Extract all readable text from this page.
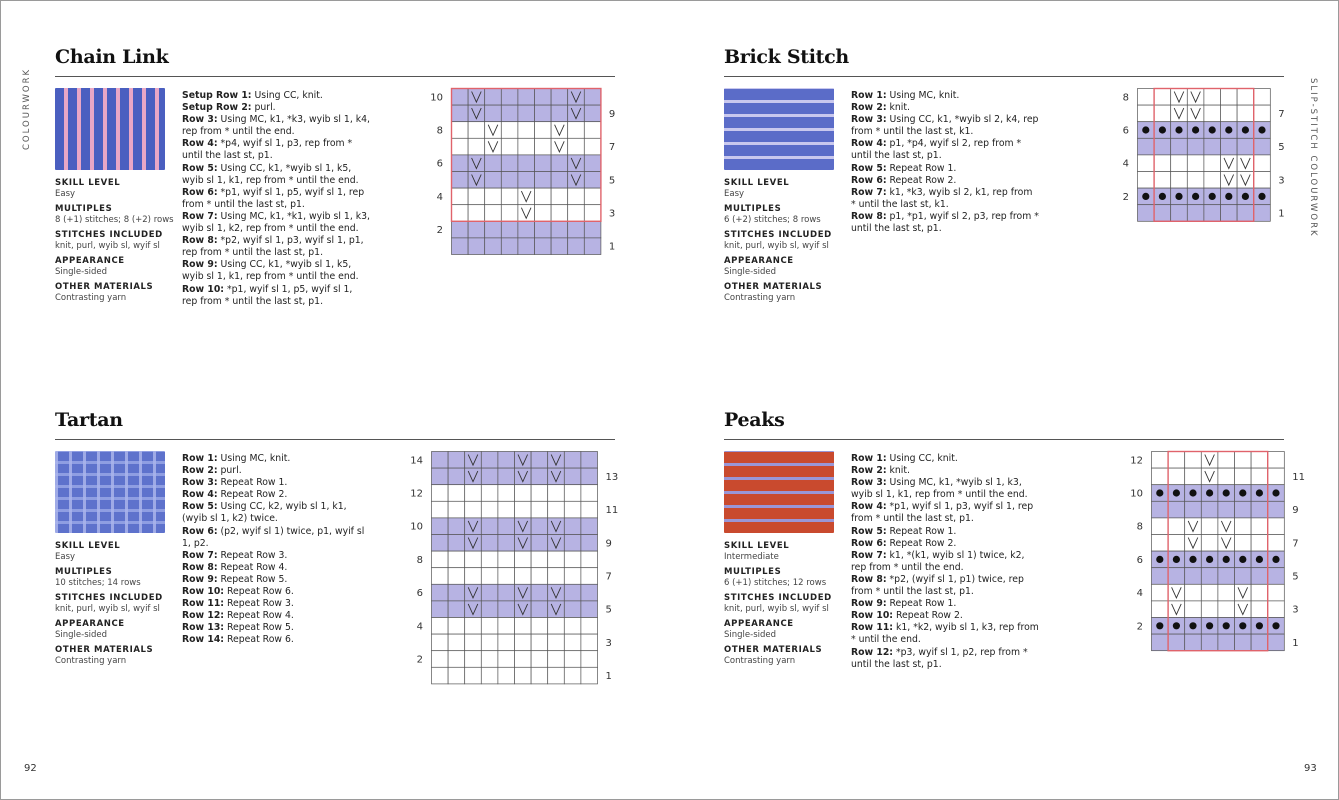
COLOURWORK	SLIP-STITCH COLOURWORK
92	93
Chain Link
SKILL LEVEL
Easy
MULTIPLES
8 (+1) stitches; 8 (+2) rows
STITCHES INCLUDED
knit, purl, wyib sl, wyif sl
APPEARANCE
Single-sided
OTHER MATERIALS
Contrasting yarn

Setup Row 1: Using CC, knit.
Setup Row 2: purl.
Row 3: Using MC, k1, *k3, wyib sl 1, k4, rep from * until the end.
Row 4: *p4, wyif sl 1, p3, rep from * until the last st, p1.
Row 5: Using CC, k1, *wyib sl 1, k5, wyib sl 1, k1, rep from * until the end.
Row 6: *p1, wyif sl 1, p5, wyif sl 1, rep from * until the last st, p1.
Row 7: Using MC, k1, *k1, wyib sl 1, k3, wyib sl 1, k2, rep from * until the end.
Row 8: *p2, wyif sl 1, p3, wyif sl 1, p1, rep from * until the last st, p1.
Row 9: Using CC, k1, *wyib sl 1, k5, wyib sl 1, k1, rep from * until the end.
Row 10: *p1, wyif sl 1, p5, wyif sl 1, rep from * until the last st, p1.

10
8
6
4
2
9
7
5
3
1
Brick Stitch
SKILL LEVEL
Easy
MULTIPLES
6 (+2) stitches; 8 rows
STITCHES INCLUDED
knit, purl, wyib sl, wyif sl
APPEARANCE
Single-sided
OTHER MATERIALS
Contrasting yarn

Row 1: Using MC, knit.
Row 2: knit.
Row 3: Using CC, k1, *wyib sl 2, k4, rep from * until the last st, k1.
Row 4: p1, *p4, wyif sl 2, rep from * until the last st, p1.
Row 5: Repeat Row 1.
Row 6: Repeat Row 2.
Row 7: k1, *k3, wyib sl 2, k1, rep from * until the last st, k1.
Row 8: p1, *p1, wyif sl 2, p3, rep from * until the last st, p1.

8
6
4
2
7
5
3
1
Tartan
SKILL LEVEL
Easy
MULTIPLES
10 stitches; 14 rows
STITCHES INCLUDED
knit, purl, wyib sl, wyif sl
APPEARANCE
Single-sided
OTHER MATERIALS
Contrasting yarn

Row 1: Using MC, knit.
Row 2: purl.
Row 3: Repeat Row 1.
Row 4: Repeat Row 2.
Row 5: Using CC, k2, wyib sl 1, k1, (wyib sl 1, k2) twice.
Row 6: (p2, wyif sl 1) twice, p1, wyif sl 1, p2.
Row 7: Repeat Row 3.
Row 8: Repeat Row 4.
Row 9: Repeat Row 5.
Row 10: Repeat Row 6.
Row 11: Repeat Row 3.
Row 12: Repeat Row 4.
Row 13: Repeat Row 5.
Row 14: Repeat Row 6.

14
12
10
8
6
4
2
13
11
9
7
5
3
1
Peaks
SKILL LEVEL
Intermediate
MULTIPLES
6 (+1) stitches; 12 rows
STITCHES INCLUDED
knit, purl, wyib sl, wyif sl
APPEARANCE
Single-sided
OTHER MATERIALS
Contrasting yarn

Row 1: Using CC, knit.
Row 2: knit.
Row 3: Using MC, k1, *wyib sl 1, k3, wyib sl 1, k1, rep from * until the end.
Row 4: *p1, wyif sl 1, p3, wyif sl 1, rep from * until the last st, p1.
Row 5: Repeat Row 1.
Row 6: Repeat Row 2.
Row 7: k1, *(k1, wyib sl 1) twice, k2, rep from * until the end.
Row 8: *p2, (wyif sl 1, p1) twice, rep from * until the last st, p1.
Row 9: Repeat Row 1.
Row 10: Repeat Row 2.
Row 11: k1, *k2, wyib sl 1, k3, rep from * until the end.
Row 12: *p3, wyif sl 1, p2, rep from * until the last st, p1.

12
10
8
6
4
2
11
9
7
5
3
1
